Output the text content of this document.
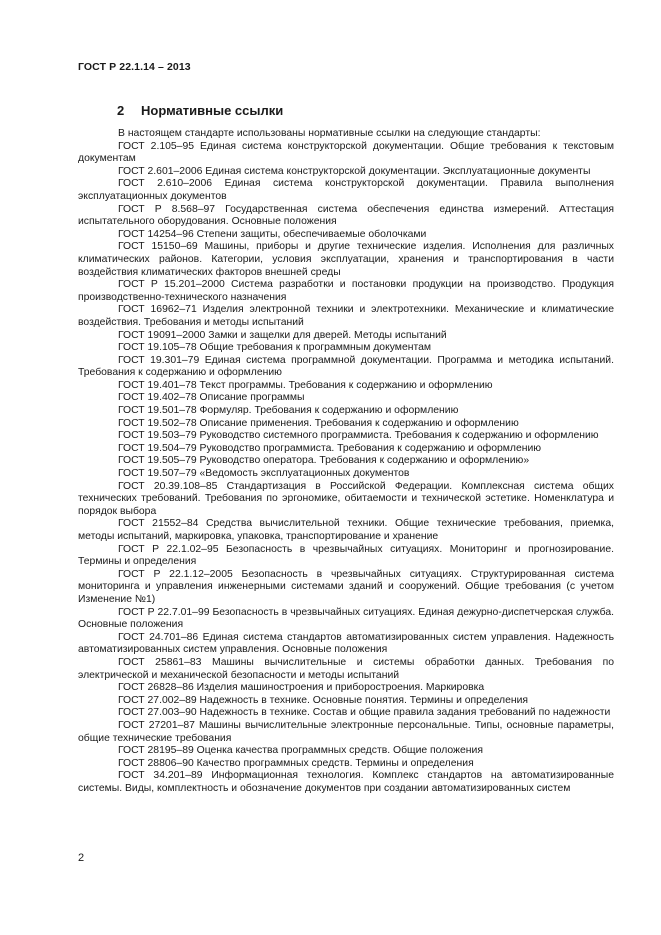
ГОСТ Р 22.1.14 – 2013
2 Нормативные ссылки

В настоящем стандарте использованы нормативные ссылки на следующие стандарты:

ГОСТ 2.105–95 Единая система конструкторской документации. Общие требования к текстовым документам

ГОСТ 2.601–2006 Единая система конструкторской документации. Эксплуатационные документы

ГОСТ 2.610–2006 Единая система конструкторской документации. Правила выполнения эксплуатационных документов

ГОСТ Р 8.568–97 Государственная система обеспечения единства измерений. Аттестация испытательного оборудования. Основные положения

ГОСТ 14254–96 Степени защиты, обеспечиваемые оболочками

ГОСТ 15150–69 Машины, приборы и другие технические изделия. Исполнения для различных климатических районов. Категории, условия эксплуатации, хранения и транспортирования в части воздействия климатических факторов внешней среды

ГОСТ Р 15.201–2000 Система разработки и постановки продукции на производство. Продукция производственно-технического назначения

ГОСТ 16962–71 Изделия электронной техники и электротехники. Механические и климатические воздействия. Требования и методы испытаний

ГОСТ 19091–2000 Замки и защелки для дверей. Методы испытаний

ГОСТ 19.105–78 Общие требования к программным документам

ГОСТ 19.301–79 Единая система программной документации. Программа и методика испытаний. Требования к содержанию и оформлению

ГОСТ 19.401–78 Текст программы. Требования к содержанию и оформлению

ГОСТ 19.402–78 Описание программы

ГОСТ 19.501–78 Формуляр. Требования к содержанию и оформлению

ГОСТ 19.502–78 Описание применения. Требования к содержанию и оформлению

ГОСТ 19.503–79 Руководство системного программиста. Требования к содержанию и оформлению

ГОСТ 19.504–79 Руководство программиста. Требования к содержанию и оформлению

ГОСТ 19.505–79 Руководство оператора. Требования к содержанию и оформлению»

ГОСТ 19.507–79 «Ведомость эксплуатационных документов

ГОСТ 20.39.108–85 Стандартизация в Российской Федерации. Комплексная система общих технических требований. Требования по эргономике, обитаемости и технической эстетике. Номенклатура и порядок выбора

ГОСТ 21552–84 Средства вычислительной техники. Общие технические требования, приемка, методы испытаний, маркировка, упаковка, транспортирование и хранение

ГОСТ Р 22.1.02–95 Безопасность в чрезвычайных ситуациях. Мониторинг и прогнозирование. Термины и определения

ГОСТ Р 22.1.12–2005 Безопасность в чрезвычайных ситуациях. Структурированная система мониторинга и управления инженерными системами зданий и сооружений. Общие требования (с учетом Изменение №1)

ГОСТ Р 22.7.01–99 Безопасность в чрезвычайных ситуациях. Единая дежурно-диспетчерская служба. Основные положения

ГОСТ 24.701–86 Единая система стандартов автоматизированных систем управления. Надежность автоматизированных систем управления. Основные положения

ГОСТ 25861–83 Машины вычислительные и системы обработки данных. Требования по электрической и механической безопасности и методы испытаний

ГОСТ 26828–86 Изделия машиностроения и приборостроения. Маркировка

ГОСТ 27.002–89 Надежность в технике. Основные понятия. Термины и определения

ГОСТ 27.003–90 Надежность в технике. Состав и общие правила задания требований по надежности

ГОСТ 27201–87 Машины вычислительные электронные персональные. Типы, основные параметры, общие технические требования

ГОСТ 28195–89 Оценка качества программных средств. Общие положения

ГОСТ 28806–90 Качество программных средств. Термины и определения

ГОСТ 34.201–89 Информационная технология. Комплекс стандартов на автоматизированные системы. Виды, комплектность и обозначение документов при создании автоматизированных систем

2
